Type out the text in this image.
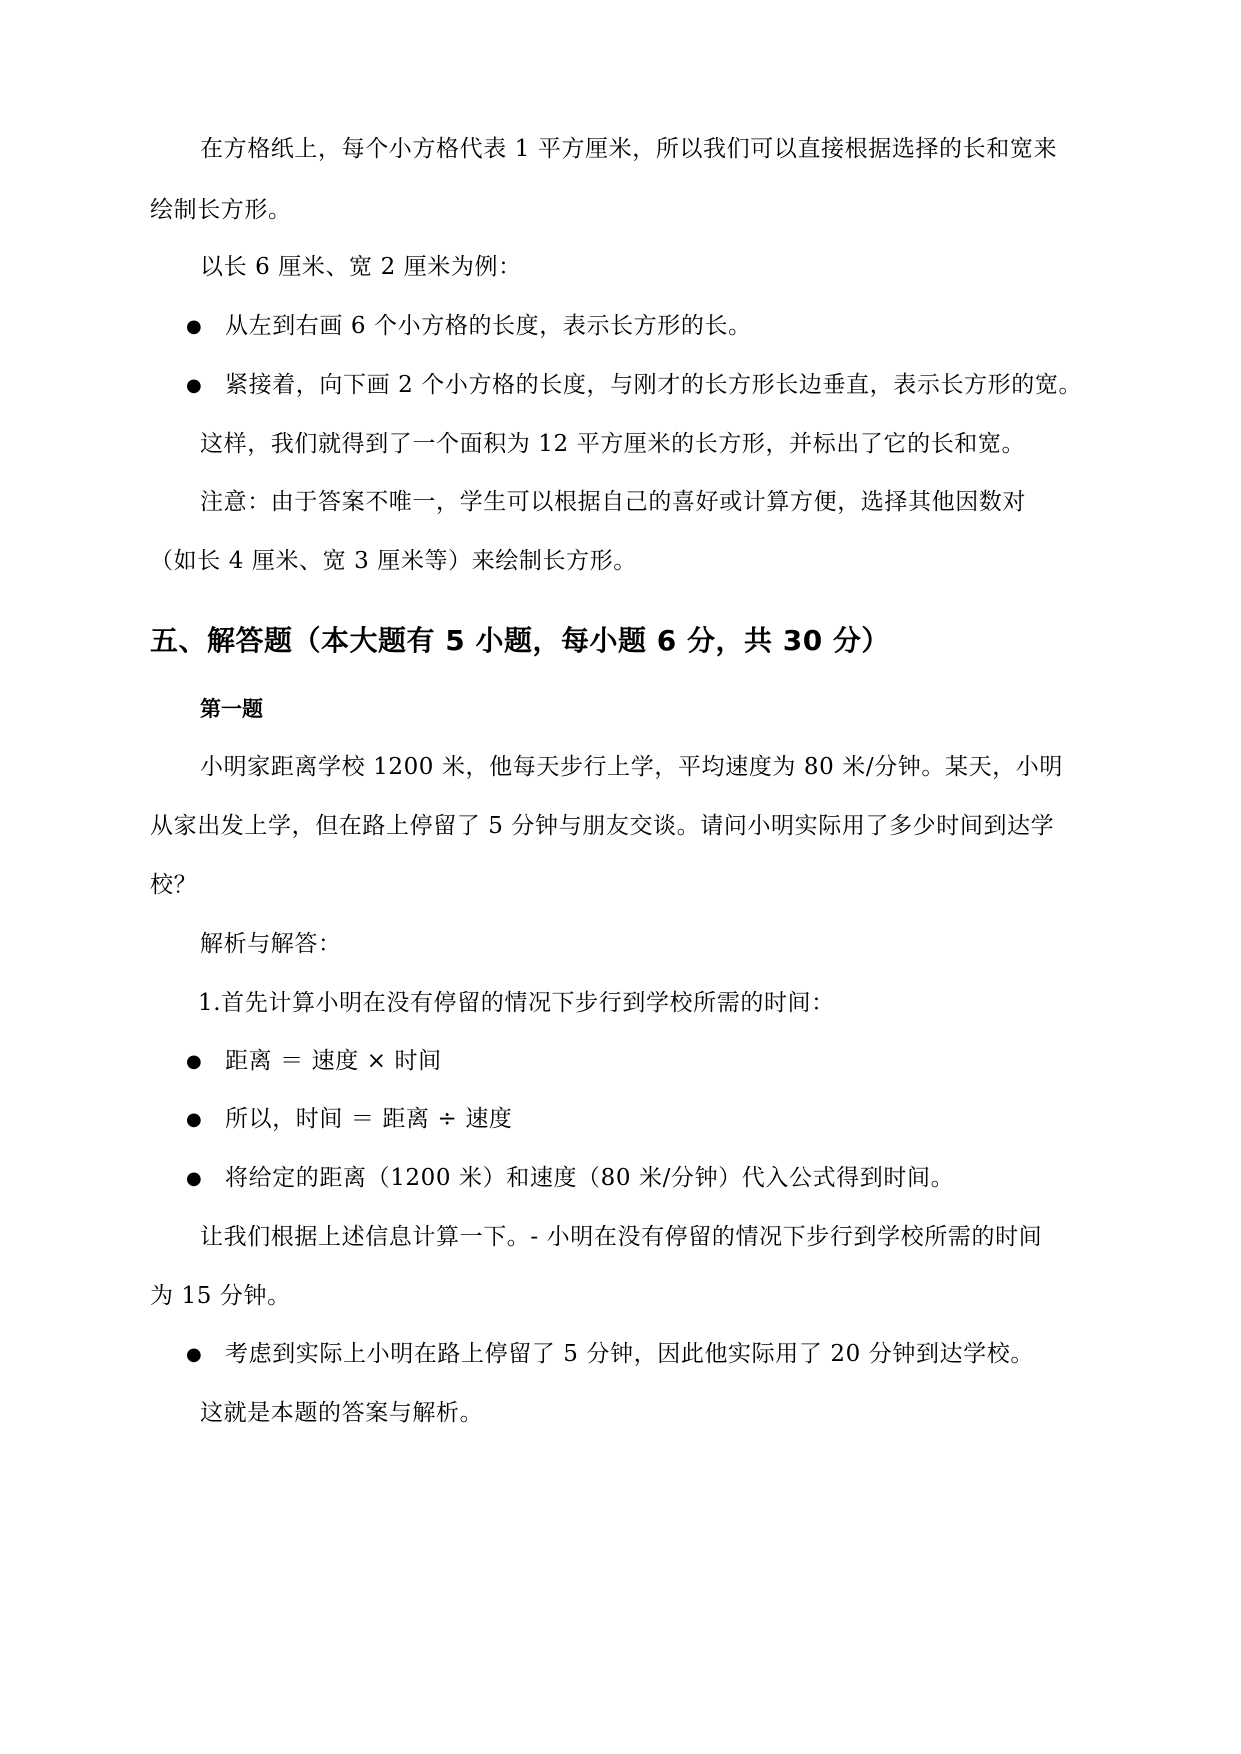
在方格纸上，每个小方格代表 1 平方厘米，所以我们可以直接根据选择的长和宽来
绘制长方形。
以长 6 厘米、宽 2 厘米为例：
● 从左到右画 6 个小方格的长度，表示长方形的长。
● 紧接着，向下画 2 个小方格的长度，与刚才的长方形长边垂直，表示长方形的宽。
这样，我们就得到了一个面积为 12 平方厘米的长方形，并标出了它的长和宽。
注意：由于答案不唯一，学生可以根据自己的喜好或计算方便，选择其他因数对
（如长 4 厘米、宽 3 厘米等）来绘制长方形。
五、解答题（本大题有 5 小题，每小题 6 分，共 30 分）
第一题
小明家距离学校 1200 米，他每天步行上学，平均速度为 80 米/分钟。某天，小明
从家出发上学，但在路上停留了 5 分钟与朋友交谈。请问小明实际用了多少时间到达学
校？
解析与解答：
1.首先计算小明在没有停留的情况下步行到学校所需的时间：
● 距离 ＝ 速度 × 时间
● 所以，时间 ＝ 距离 ÷ 速度
● 将给定的距离（1200 米）和速度（80 米/分钟）代入公式得到时间。
让我们根据上述信息计算一下。- 小明在没有停留的情况下步行到学校所需的时间
为 15 分钟。
● 考虑到实际上小明在路上停留了 5 分钟，因此他实际用了 20 分钟到达学校。
这就是本题的答案与解析。
